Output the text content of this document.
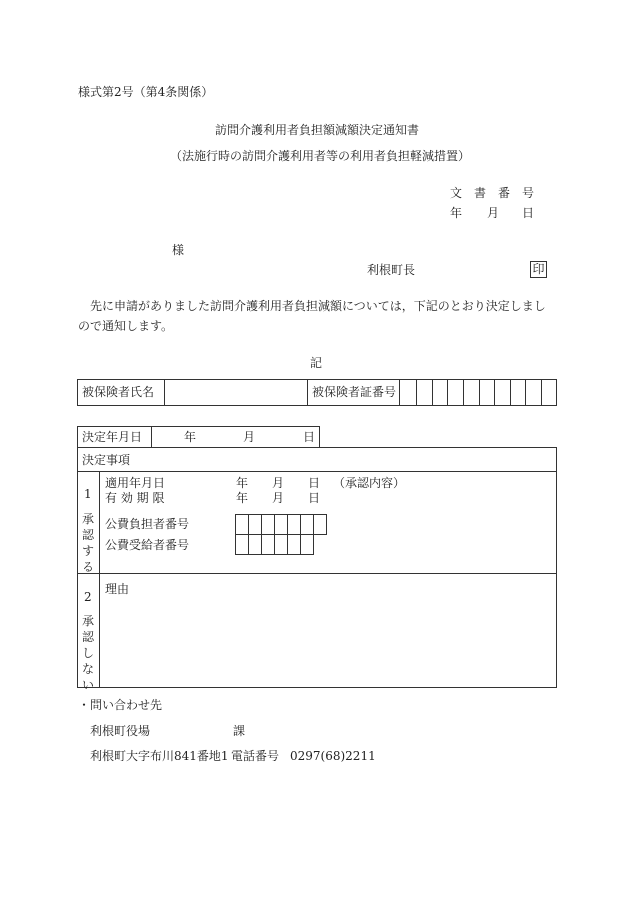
様式第2号（第4条関係）
訪問介護利用者負担額減額決定通知書
（法施行時の訪問介護利用者等の利用者負担軽減措置）
文　書　番　号
年 月 日
様
利根町長	印
先に申請がありました訪問介護利用者負担減額については，下記のとおり決定しまし
ので通知します。
記
被保険者氏名	被保険者証番号
決定年月日	年	月	日
決定事項
1
承
認
す
る
適用年月日	年 月 日 （承認内容）
有 効 期 限	年 月 日
公費負担者番号
公費受給者番号
2
承
認
し
な
い
理由
・問い合わせ先
利根町役場	課
利根町大字布川841番地1 電話番号 0297(68)2211
